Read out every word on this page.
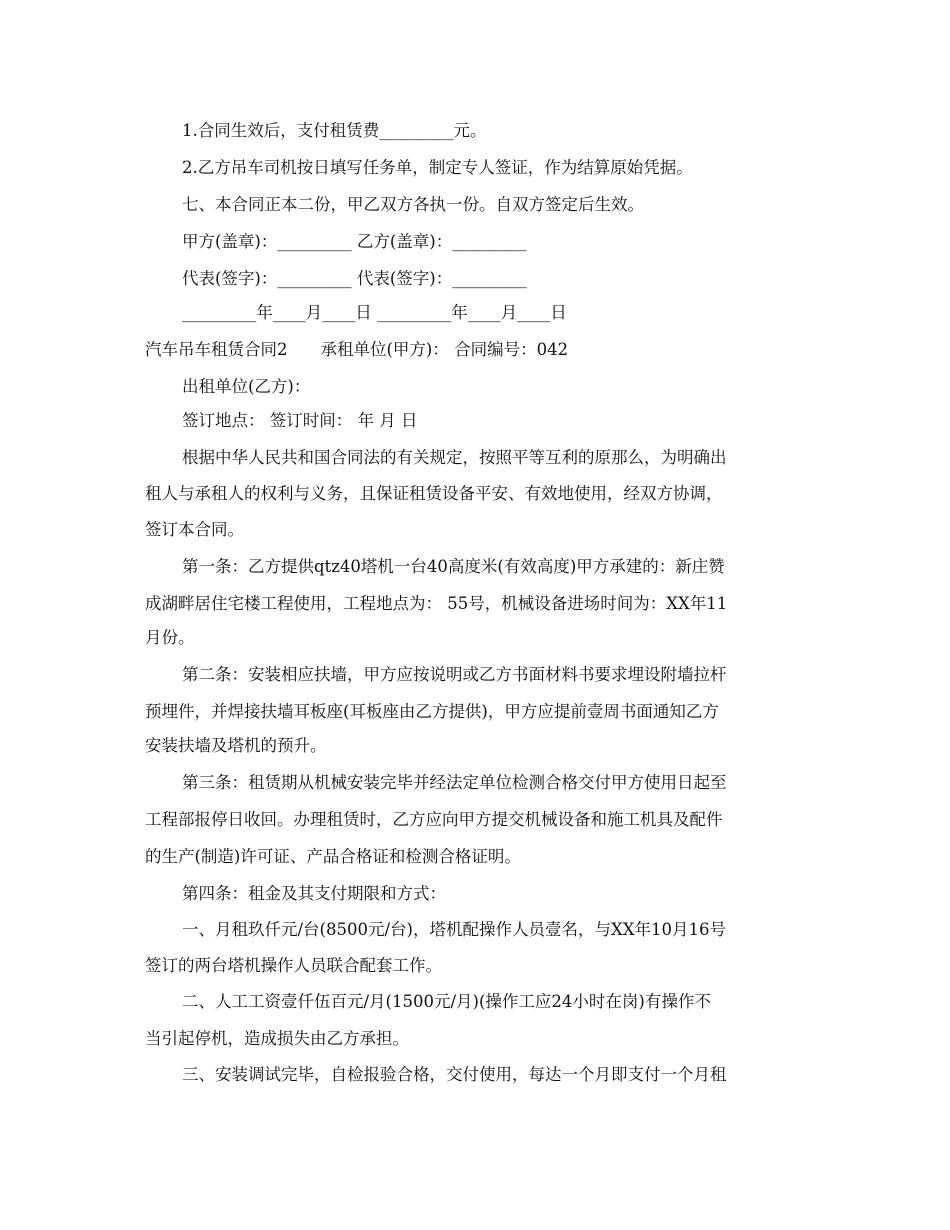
1.合同生效后，支付租赁费_________元。

2.乙方吊车司机按日填写任务单，制定专人签证，作为结算原始凭据。

七、本合同正本二份，甲乙双方各执一份。自双方签定后生效。

甲方(盖章)：_________ 乙方(盖章)：_________

代表(签字)：_________ 代表(签字)：_________

_________年____月____日 _________年____月____日

汽车吊车租赁合同2　　承租单位(甲方)： 合同编号：042

出租单位(乙方)：

签订地点： 签订时间： 年 月 日

根据中华人民共和国合同法的有关规定，按照平等互利的原那么，为明确出

租人与承租人的权利与义务，且保证租赁设备平安、有效地使用，经双方协调，

签订本合同。

第一条：乙方提供qtz40塔机一台40高度米(有效高度)甲方承建的：新庄赞

成湖畔居住宅楼工程使用，工程地点为： 55号，机械设备进场时间为：XX年11

月份。

第二条：安装相应扶墙，甲方应按说明或乙方书面材料书要求埋设附墙拉杆

预埋件，并焊接扶墙耳板座(耳板座由乙方提供)，甲方应提前壹周书面通知乙方

安装扶墙及塔机的预升。

第三条：租赁期从机械安装完毕并经法定单位检测合格交付甲方使用日起至

工程部报停日收回。办理租赁时，乙方应向甲方提交机械设备和施工机具及配件

的生产(制造)许可证、产品合格证和检测合格证明。

第四条：租金及其支付期限和方式：

一、月租玖仟元/台(8500元/台)，塔机配操作人员壹名，与XX年10月16号

签订的两台塔机操作人员联合配套工作。

二、人工工资壹仟伍百元/月(1500元/月)(操作工应24小时在岗)有操作不

当引起停机，造成损失由乙方承担。

三、安装调试完毕，自检报验合格，交付使用，每达一个月即支付一个月租
